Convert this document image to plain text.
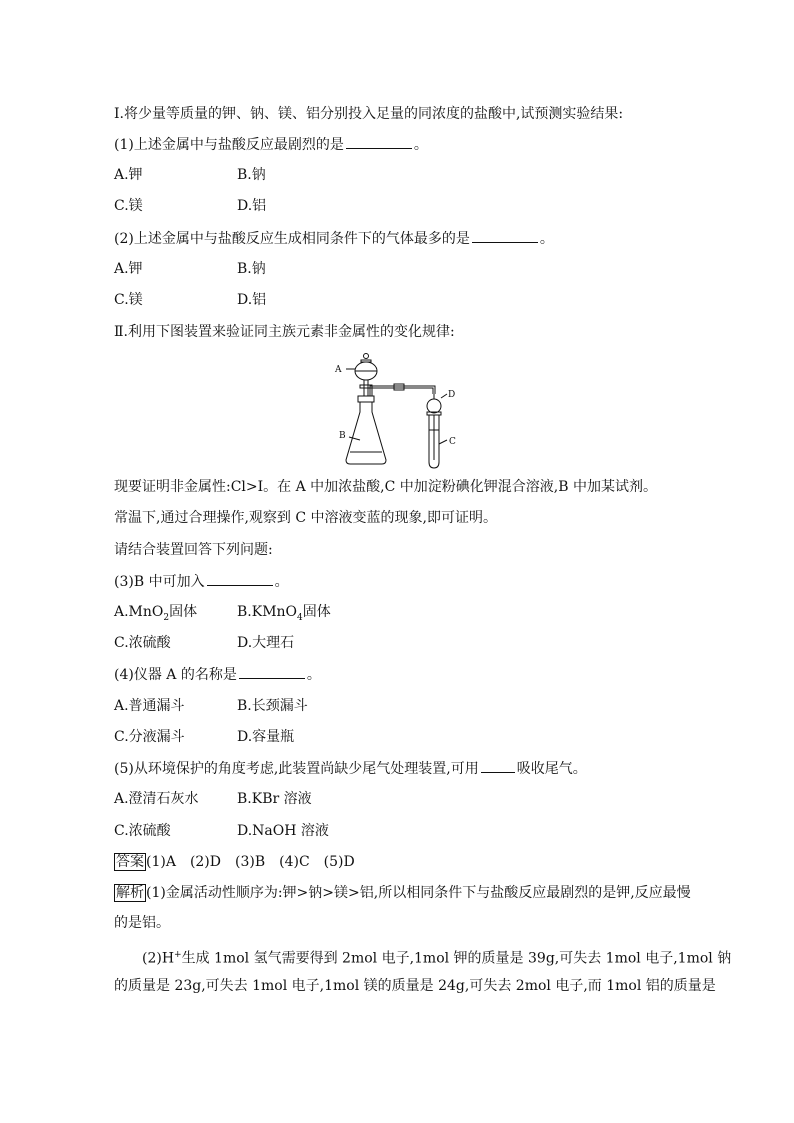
Ⅰ.将少量等质量的钾、钠、镁、铝分别投入足量的同浓度的盐酸中,试预测实验结果:
(1)上述金属中与盐酸反应最剧烈的是	。
A.钾	B.钠
C.镁	D.铝
(2)上述金属中与盐酸反应生成相同条件下的气体最多的是	。
A.钾	B.钠
C.镁	D.铝
Ⅱ.利用下图装置来验证同主族元素非金属性的变化规律:
A
B
C
D
现要证明非金属性:Cl>I。在 A 中加浓盐酸,C 中加淀粉碘化钾混合溶液,B 中加某试剂。
常温下,通过合理操作,观察到 C 中溶液变蓝的现象,即可证明。
请结合装置回答下列问题:
(3)B 中可加入	。
A.MnO$_2$固体	B.KMnO$_4$固体
C.浓硫酸	D.大理石
(4)仪器 A 的名称是	。
A.普通漏斗	B.长颈漏斗
C.分液漏斗	D.容量瓶
(5)从环境保护的角度考虑,此装置尚缺少尾气处理装置,可用	吸收尾气。
A.澄清石灰水	B.KBr 溶液
C.浓硫酸	D.NaOH 溶液
答案 (1)A　(2)D　(3)B　(4)C　(5)D
解析 (1)金属活动性顺序为:钾>钠>镁>铝,所以相同条件下与盐酸反应最剧烈的是钾,反应最慢
的是铝。
(2)H+生成 1mol 氢气需要得到 2mol 电子,1mol 钾的质量是 39g,可失去 1mol 电子,1mol 钠
的质量是 23g,可失去 1mol 电子,1mol 镁的质量是 24g,可失去 2mol 电子,而 1mol 铝的质量是
